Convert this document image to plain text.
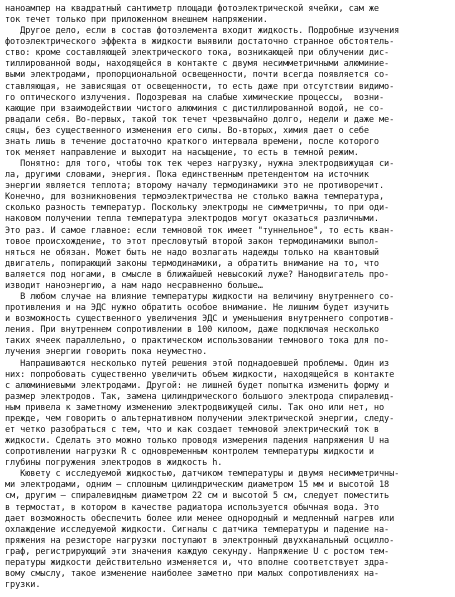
наноампер на квадратный сантиметр площади фотоэлектрической ячейки, сам же
ток течет только при приложенном внешнем напряжении.
Другое дело, если в состав фотоэлемента входит жидкость. Подробные изучения
фотоэлектрического эффекта в жидкости выявили достаточно странное обстоятель-
ство: кроме составляющей электрического тока, возникающей при облучении дис-
тиллированной воды, находящейся в контакте с двумя несимметричными алюминие-
выми электродами, пропорциональной освещенности, почти всегда появляется со-
ставляющая, не зависящая от освещенности, то есть даже при отсутствии видимо-
го оптического излучения. Подозревая на слабые химические процессы,  возни-
кающие при взаимодействии чистого алюминия с дистиллированной водой, не со-
рвадали себя. Во-первых, такой ток течет чрезвычайно долго, недели и даже ме-
сяцы, без существенного изменения его силы. Во-вторых, химия дает о себе
знать лишь в течение достаточно краткого интервала времени, после которого
ток меняет направление и выходит на насыщение, то есть в темной режим.
Понятно: для того, чтобы ток тек через нагрузку, нужна электродвижущая си-
ла, другими словами, энергия. Пока единственным претендентом на источник
энергии является теплота; второму началу термодинамики это не противоречит.
Конечно, для возникновения термоэлектричества не столько важна температура,
сколько разность температур. Поскольку электроды не симметричны, то при оди-
наковом получении тепла температура электродов могут оказаться различными.
Это раз. И самое главное: если темновой ток имеет "туннельное", то есть кван-
товое происхождение, то этот пресловутый второй закон термодинамики выпол-
няться не обязан. Может быть не надо возлагать надежды только на квантовый
двигатель, попирающий законы термодинамики, а обратить внимание на то, что
валяется под ногами, в смысле в ближайшей невысокий луже? Нанодвигатель про-
изводит наноэнергию, а нам надо несравненно больше…
В любом случае на влияние температуры жидкости на величину внутреннего со-
противления и на ЭДС нужно обратить особое внимание. Не лишним будет изучить
и возможность существенного увеличения ЭДС и уменьшения внутреннего сопротив-
ления. При внутреннем сопротивлении в 100 килоом, даже подключая несколько
таких ячеек параллельно, о практическом использовании темнового тока для по-
лучения энергии говорить пока неуместно.
Напрашиваются несколько путей решения этой поднадоевшей проблемы. Один из
них: попробовать существенно увеличить объем жидкости, находящейся в контакте
с алюминиевыми электродами. Другой: не лишней будет попытка изменить форму и
размер электродов. Так, замена цилиндрического большого электрода спиралевид-
ным привела к заметному изменению электродвижущей силы. Так оно или нет, но
прежде, чем говорить о альтернативном получении электрической энергии, следу-
ет четко разобраться с тем, что и как создает темновой электрический ток в
жидкости. Сделать это можно только проводя измерения падения напряжения U на
сопротивлении нагрузки R с одновременным контролем температуры жидкости и
глубины погружения электродов в жидкость h.
Кювету с исследуемой жидкостью, датчиком температуры и двумя несимметричны-
ми электродами, одним – сплошным цилиндрическим диаметром 15 мм и высотой 18
см, другим – спиралевидным диаметром 22 см и высотой 5 см, следует поместить
в термостат, в котором в качестве радиатора используется обычная вода. Это
дает возможность обеспечить более или менее однородный и медленный нагрев или
охлаждение исследуемой жидкости. Сигналы с датчика температуры и падение на-
пряжения на резисторе нагрузки поступают в электронный двухканальный осцилло-
граф, регистрирующий эти значения каждую секунду. Напряжение U с ростом тем-
пературы жидкости действительно изменяется и, что вполне соответствует здра-
вому смыслу, такое изменение наиболее заметно при малых сопротивлениях на-
грузки.
